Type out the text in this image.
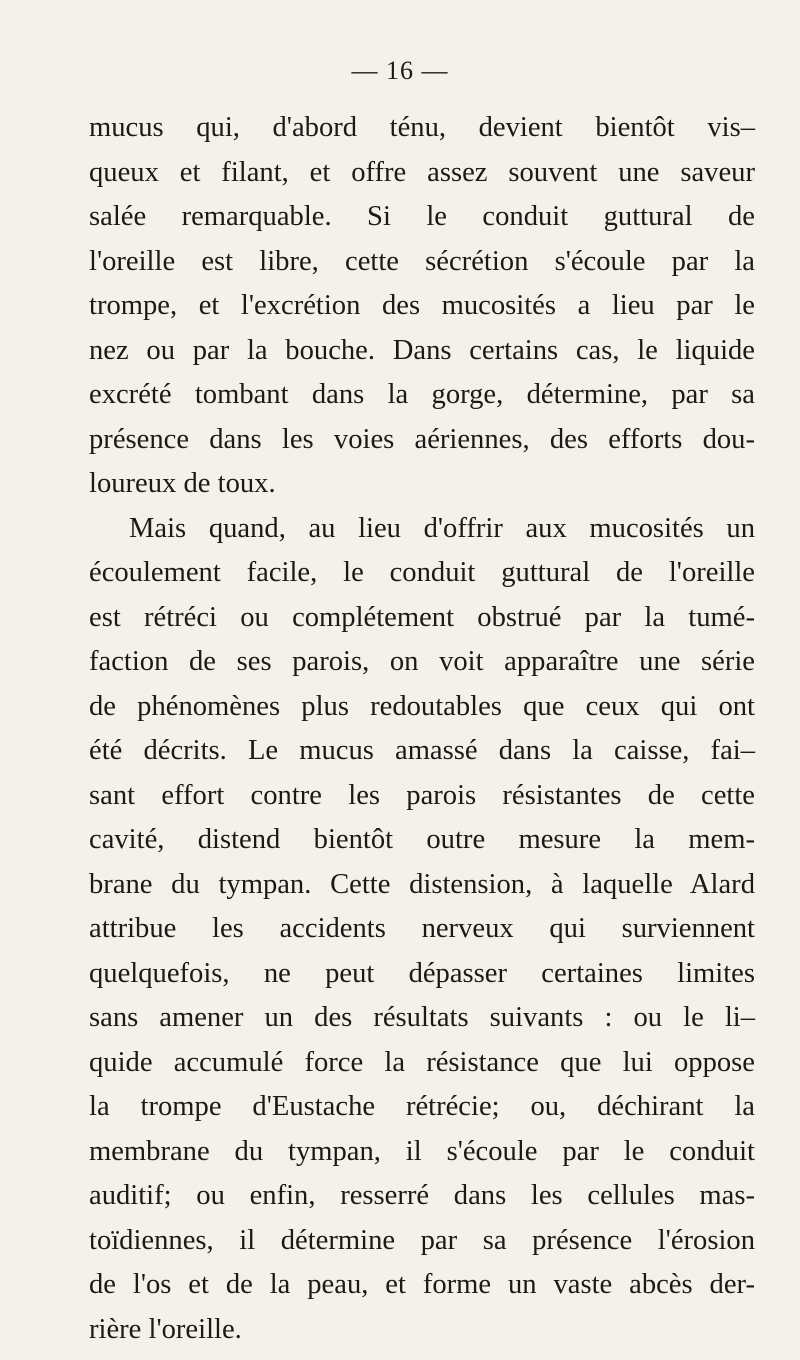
— 16 —
mucus qui, d'abord ténu, devient bientôt vis–
queux et filant, et offre assez souvent une saveur
salée remarquable. Si le conduit guttural de
l'oreille est libre, cette sécrétion s'écoule par la
trompe, et l'excrétion des mucosités a lieu par le
nez ou par la bouche. Dans certains cas, le liquide
excrété tombant dans la gorge, détermine, par sa
présence dans les voies aériennes, des efforts dou-
loureux de toux.
Mais quand, au lieu d'offrir aux mucosités un
écoulement facile, le conduit guttural de l'oreille
est rétréci ou complétement obstrué par la tumé-
faction de ses parois, on voit apparaître une série
de phénomènes plus redoutables que ceux qui ont
été décrits. Le mucus amassé dans la caisse, fai–
sant effort contre les parois résistantes de cette
cavité, distend bientôt outre mesure la mem-
brane du tympan. Cette distension, à laquelle Alard
attribue les accidents nerveux qui surviennent
quelquefois, ne peut dépasser certaines limites
sans amener un des résultats suivants : ou le li–
quide accumulé force la résistance que lui oppose
la trompe d'Eustache rétrécie; ou, déchirant la
membrane du tympan, il s'écoule par le conduit
auditif; ou enfin, resserré dans les cellules mas-
toïdiennes, il détermine par sa présence l'érosion
de l'os et de la peau, et forme un vaste abcès der-
rière l'oreille.
